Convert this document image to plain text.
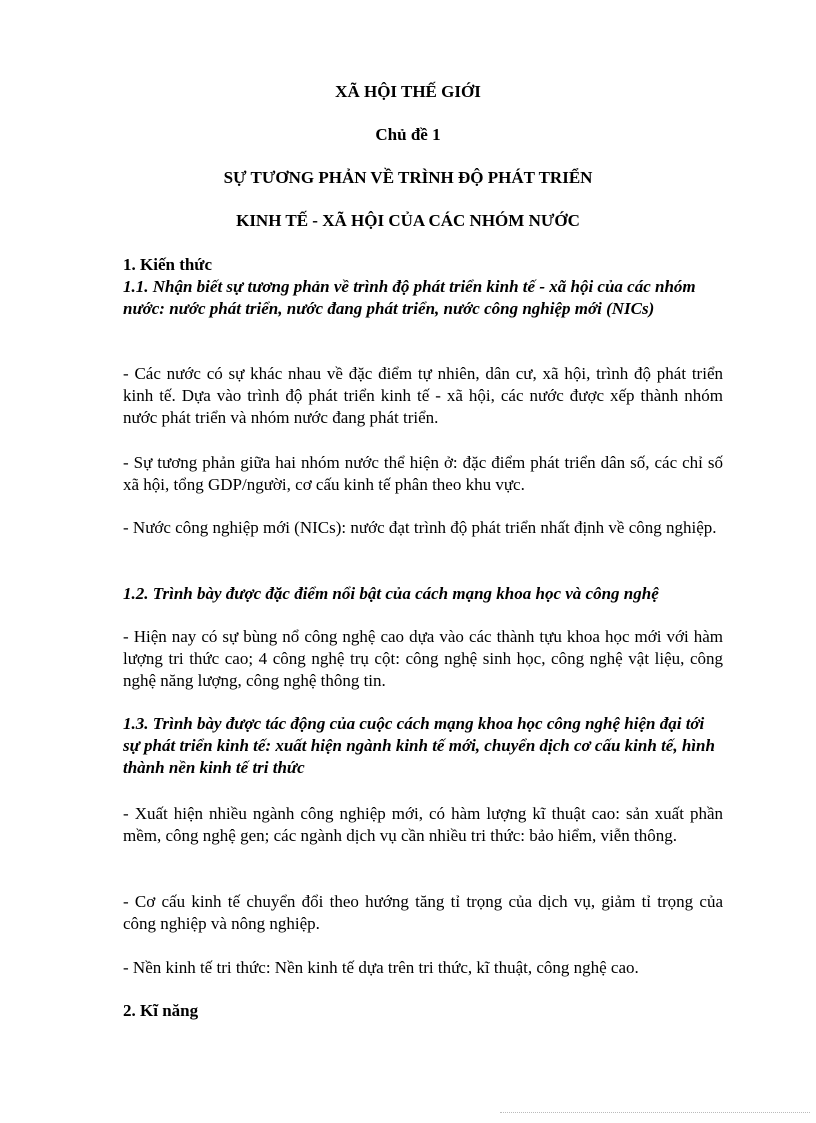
XÃ HỘI THẾ GIỚI
Chủ đề 1
SỰ TƯƠNG PHẢN VỀ TRÌNH ĐỘ PHÁT TRIỂN
KINH TẾ - XÃ HỘI CỦA CÁC NHÓM NƯỚC
1. Kiến thức
1.1. Nhận biết sự tương phản về trình độ phát triển kinh tế - xã hội của các nhóm nước: nước phát triển, nước đang phát triển, nước công nghiệp mới (NICs)
- Các nước có sự khác nhau về đặc điểm tự nhiên, dân cư, xã hội, trình độ phát triển kinh tế. Dựa vào trình độ phát triển kinh tế - xã hội, các nước được xếp thành nhóm nước phát triển và nhóm nước đang phát triển.
- Sự tương phản giữa hai nhóm nước thể hiện ở: đặc điểm phát triển dân số, các chỉ số xã hội, tổng GDP/người, cơ cấu kinh tế phân theo khu vực.
- Nước công nghiệp mới (NICs): nước đạt trình độ phát triển nhất định về công nghiệp.
1.2. Trình bày được đặc điểm nổi bật của cách mạng khoa học và công nghệ
- Hiện nay có sự bùng nổ công nghệ cao dựa vào các thành tựu khoa học mới với hàm lượng tri thức cao; 4 công nghệ trụ cột: công nghệ sinh học, công nghệ vật liệu, công nghệ năng lượng, công nghệ thông tin.
1.3. Trình bày được tác động của cuộc cách mạng khoa học công nghệ hiện đại tới sự phát triển kinh tế: xuất hiện ngành kinh tế mới, chuyển dịch cơ cấu kinh tế, hình thành nền kinh tế tri thức
- Xuất hiện nhiều ngành công nghiệp mới, có hàm lượng kĩ thuật cao: sản xuất phần mềm, công nghệ gen; các ngành dịch vụ cần nhiều tri thức: bảo hiểm, viễn thông.
- Cơ cấu kinh tế chuyển đổi theo hướng tăng tỉ trọng của dịch vụ, giảm tỉ trọng của công nghiệp và nông nghiệp.
- Nền kinh tế tri thức: Nền kinh tế dựa trên tri thức, kĩ thuật, công nghệ cao.
2. Kĩ năng
